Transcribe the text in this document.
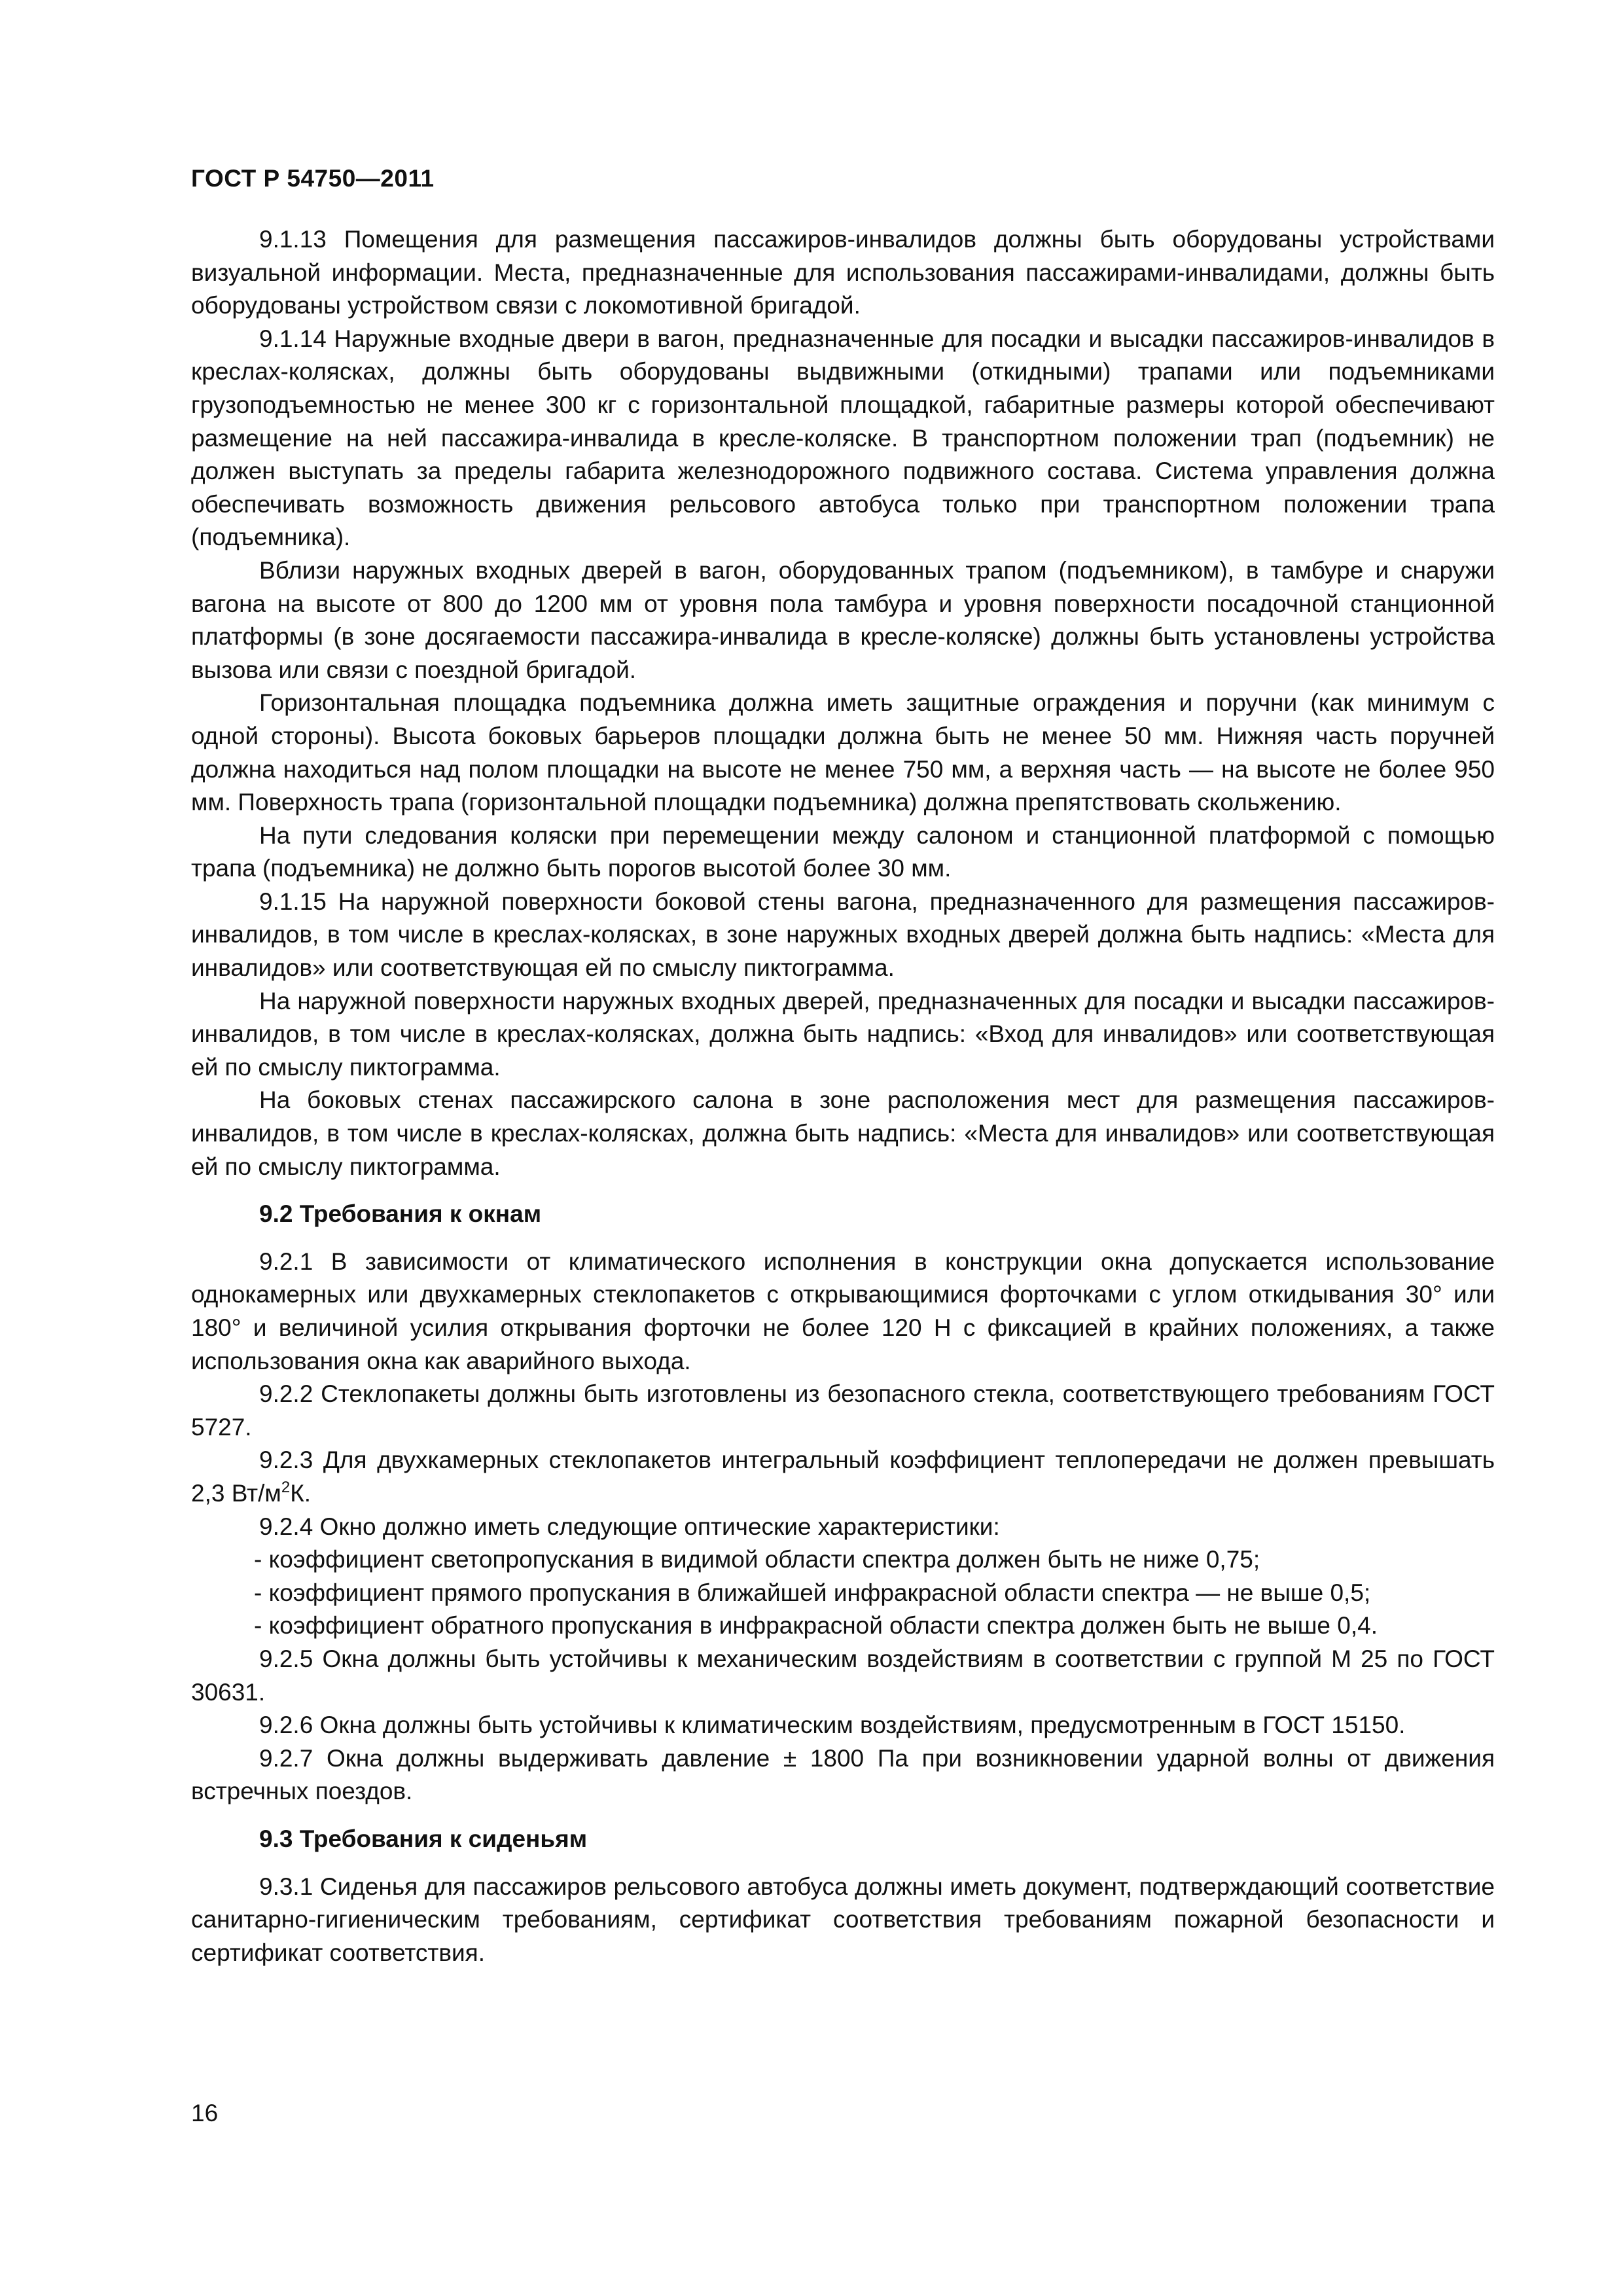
ГОСТ Р 54750—2011

9.1.13 Помещения для размещения пассажиров-инвалидов должны быть оборудованы устройствами визуальной информации. Места, предназначенные для использования пассажирами-инвалидами, должны быть оборудованы устройством связи с локомотивной бригадой.

9.1.14 Наружные входные двери в вагон, предназначенные для посадки и высадки пассажиров-инвалидов в креслах-колясках, должны быть оборудованы выдвижными (откидными) трапами или подъемниками грузоподъемностью не менее 300 кг с горизонтальной площадкой, габаритные размеры которой обеспечивают размещение на ней пассажира-инвалида в кресле-коляске. В транспортном положении трап (подъемник) не должен выступать за пределы габарита железнодорожного подвижного состава. Система управления должна обеспечивать возможность движения рельсового автобуса только при транспортном положении трапа (подъемника).

Вблизи наружных входных дверей в вагон, оборудованных трапом (подъемником), в тамбуре и снаружи вагона на высоте от 800 до 1200 мм от уровня пола тамбура и уровня поверхности посадочной станционной платформы (в зоне досягаемости пассажира-инвалида в кресле-коляске) должны быть установлены устройства вызова или связи с поездной бригадой.

Горизонтальная площадка подъемника должна иметь защитные ограждения и поручни (как минимум с одной стороны). Высота боковых барьеров площадки должна быть не менее 50 мм. Нижняя часть поручней должна находиться над полом площадки на высоте не менее 750 мм, а верхняя часть — на высоте не более 950 мм. Поверхность трапа (горизонтальной площадки подъемника) должна препятствовать скольжению.

На пути следования коляски при перемещении между салоном и станционной платформой с помощью трапа (подъемника) не должно быть порогов высотой более 30 мм.

9.1.15 На наружной поверхности боковой стены вагона, предназначенного для размещения пассажиров-инвалидов, в том числе в креслах-колясках, в зоне наружных входных дверей должна быть надпись: «Места для инвалидов» или соответствующая ей по смыслу пиктограмма.

На наружной поверхности наружных входных дверей, предназначенных для посадки и высадки пассажиров-инвалидов, в том числе в креслах-колясках, должна быть надпись: «Вход для инвалидов» или соответствующая ей по смыслу пиктограмма.

На боковых стенах пассажирского салона в зоне расположения мест для размещения пассажиров-инвалидов, в том числе в креслах-колясках, должна быть надпись: «Места для инвалидов» или соответствующая ей по смыслу пиктограмма.

9.2 Требования к окнам

9.2.1 В зависимости от климатического исполнения в конструкции окна допускается использование однокамерных или двухкамерных стеклопакетов с открывающимися форточками с углом откидывания 30° или 180° и величиной усилия открывания форточки не более 120 Н с фиксацией в крайних положениях, а также использования окна как аварийного выхода.

9.2.2 Стеклопакеты должны быть изготовлены из безопасного стекла, соответствующего требованиям ГОСТ 5727.

9.2.3 Для двухкамерных стеклопакетов интегральный коэффициент теплопередачи не должен превышать 2,3 $Вт/м^2К$.

9.2.4 Окно должно иметь следующие оптические характеристики:

- коэффициент светопропускания в видимой области спектра должен быть не ниже 0,75;

- коэффициент прямого пропускания в ближайшей инфракрасной области спектра — не выше 0,5;

- коэффициент обратного пропускания в инфракрасной области спектра должен быть не выше 0,4.

9.2.5 Окна должны быть устойчивы к механическим воздействиям в соответствии с группой М 25 по ГОСТ 30631.

9.2.6 Окна должны быть устойчивы к климатическим воздействиям, предусмотренным в ГОСТ 15150.

9.2.7 Окна должны выдерживать давление ± 1800 Па при возникновении ударной волны от движения встречных поездов.

9.3 Требования к сиденьям

9.3.1 Сиденья для пассажиров рельсового автобуса должны иметь документ, подтверждающий соответствие санитарно-гигиеническим требованиям, сертификат соответствия требованиям пожарной безопасности и сертификат соответствия.

16
